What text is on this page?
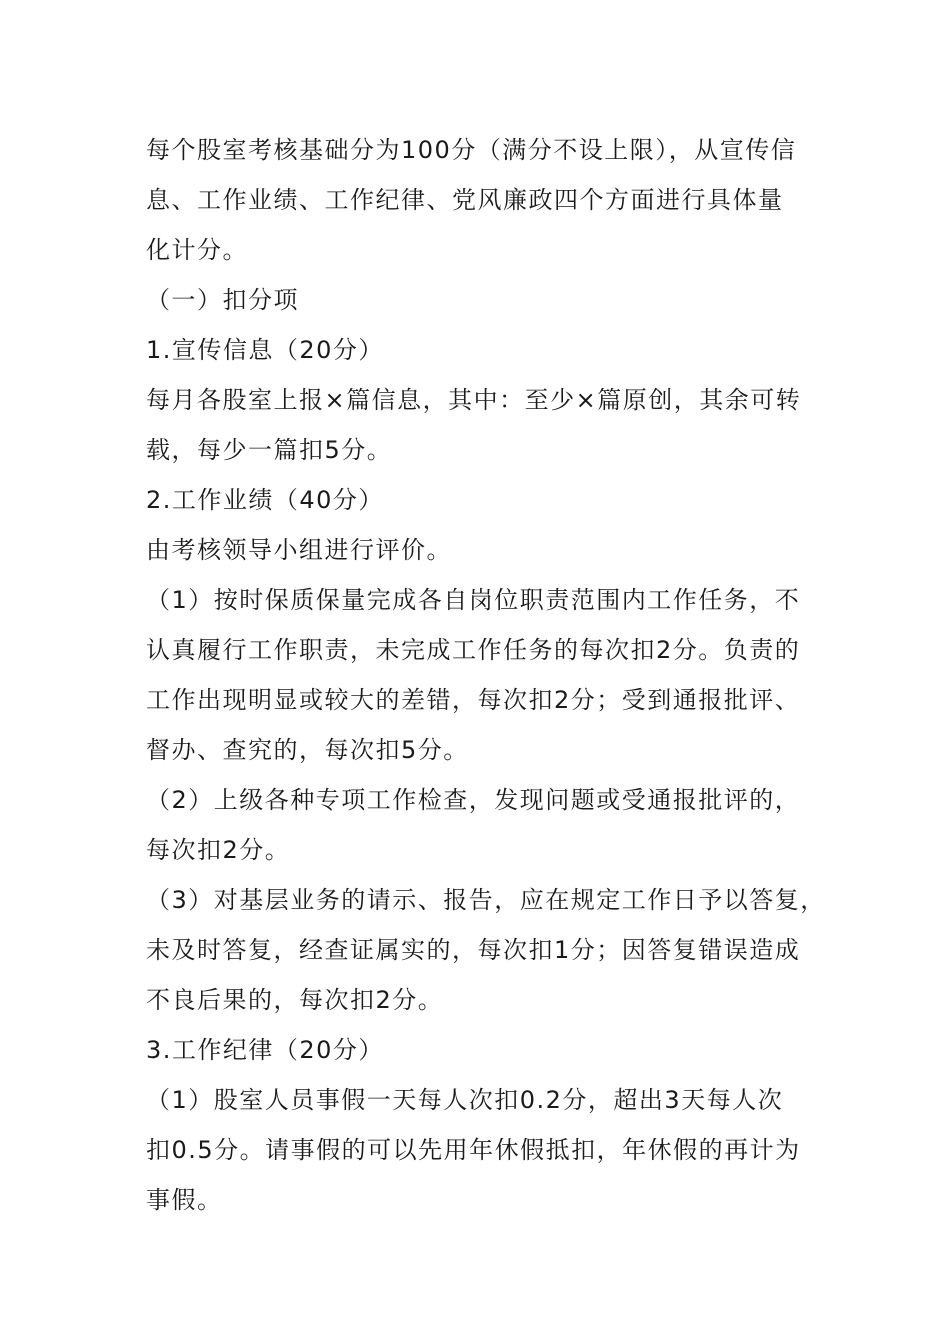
每个股室考核基础分为100分（满分不设上限），从宣传信
息、工作业绩、工作纪律、党风廉政四个方面进行具体量
化计分。
（一）扣分项
1.宣传信息（20分）
每月各股室上报×篇信息，其中：至少×篇原创，其余可转
载，每少一篇扣5分。
2.工作业绩（40分）
由考核领导小组进行评价。
（1）按时保质保量完成各自岗位职责范围内工作任务，不
认真履行工作职责，未完成工作任务的每次扣2分。负责的
工作出现明显或较大的差错，每次扣2分；受到通报批评、
督办、查究的，每次扣5分。
（2）上级各种专项工作检查，发现问题或受通报批评的，
每次扣2分。
（3）对基层业务的请示、报告，应在规定工作日予以答复，
未及时答复，经查证属实的，每次扣1分；因答复错误造成
不良后果的，每次扣2分。
3.工作纪律（20分）
（1）股室人员事假一天每人次扣0.2分，超出3天每人次
扣0.5分。请事假的可以先用年休假抵扣，年休假的再计为
事假。
